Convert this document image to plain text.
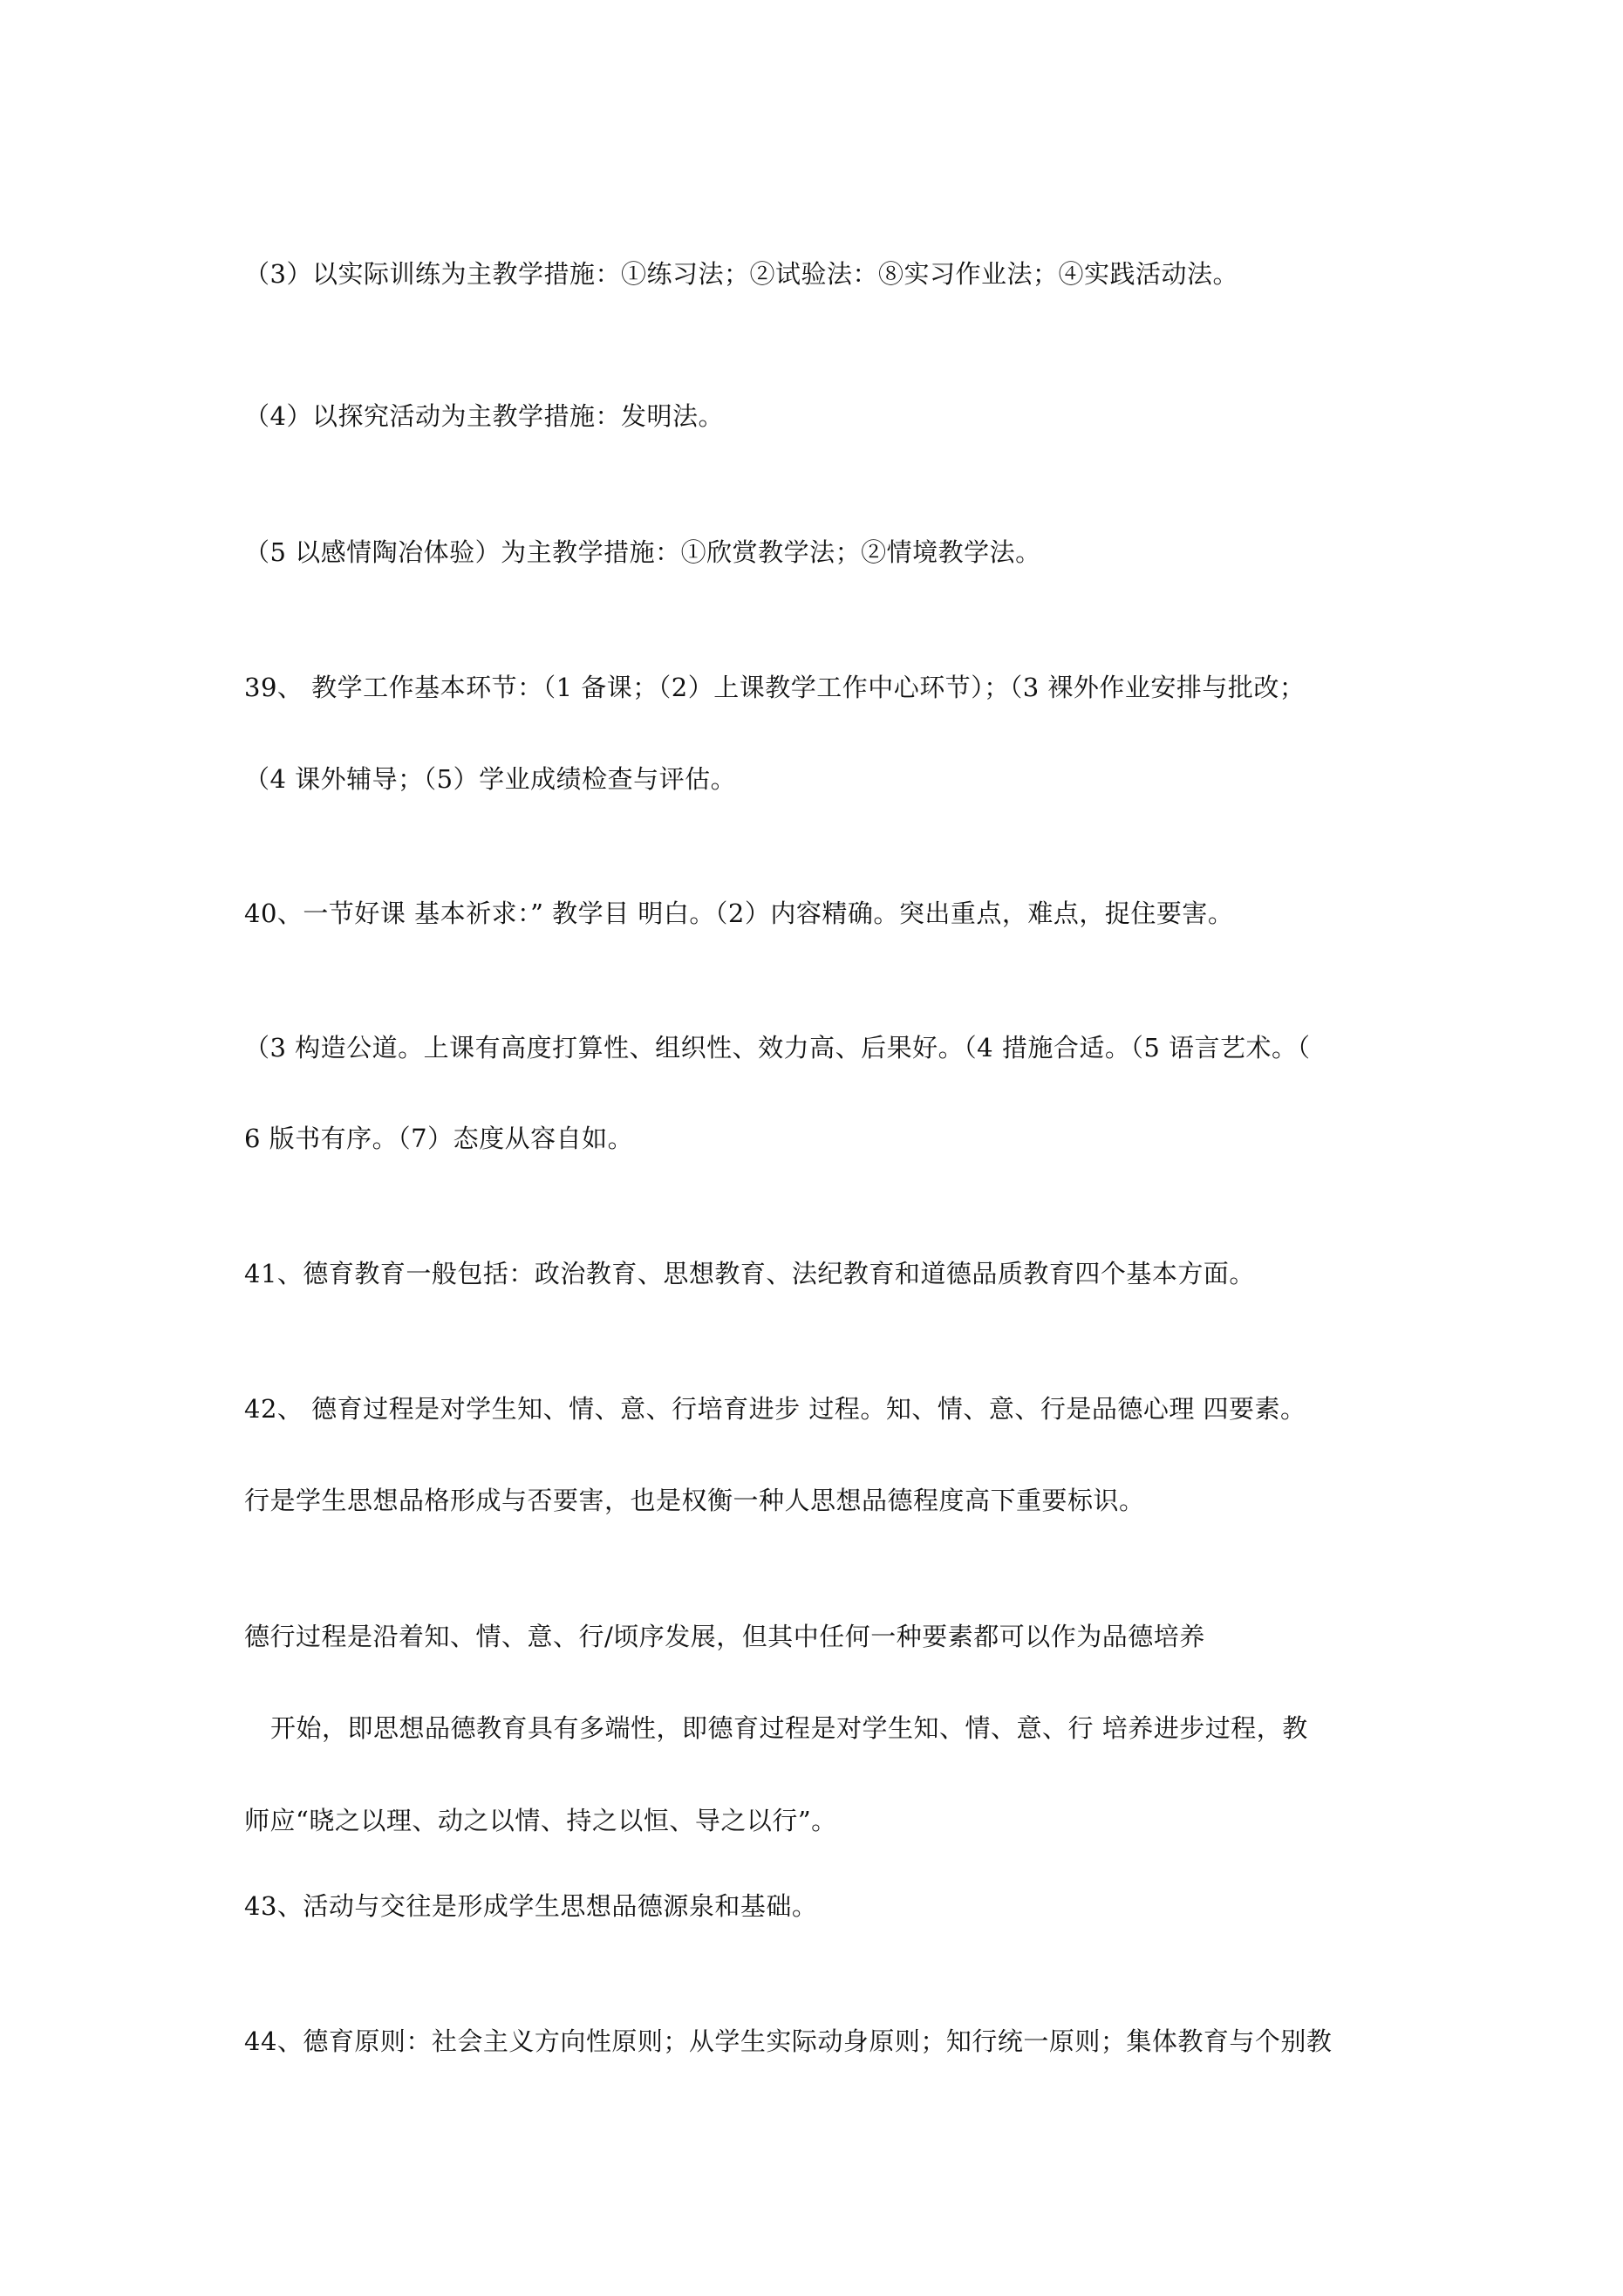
（3）以实际训练为主教学措施：①练习法；②试验法：⑧实习作业法；④实践活动法。
（4）以探究活动为主教学措施：发明法。
（5 以感情陶冶体验）为主教学措施：①欣赏教学法；②情境教学法。
39、 教学工作基本环节：（1 备课；（2）上课教学工作中心环节）；（3 裸外作业安排与批改；
（4 课外辅导；（5）学业成绩检查与评估。
40、一节好课 基本祈求：” 教学目 明白。（2）内容精确。突出重点，难点，捉住要害。
（3 构造公道。上课有高度打算性、组织性、效力高、后果好。（4 措施合适。（5 语言艺术。（
6 版书有序。（7）态度从容自如。
41、德育教育一般包括：政治教育、思想教育、法纪教育和道德品质教育四个基本方面。
42、 德育过程是对学生知、情、意、行培育进步 过程。知、情、意、行是品德心理 四要素。
行是学生思想品格形成与否要害，也是权衡一种人思想品德程度高下重要标识。
德行过程是沿着知、情、意、行/顷序发展，但其中任何一种要素都可以作为品德培养
开始，即思想品德教育具有多端性，即德育过程是对学生知、情、意、行 培养进步过程，教
师应“晓之以理、动之以情、持之以恒、导之以行”。
43、活动与交往是形成学生思想品德源泉和基础。
44、德育原则：社会主义方向性原则；从学生实际动身原则；知行统一原则；集体教育与个别教
